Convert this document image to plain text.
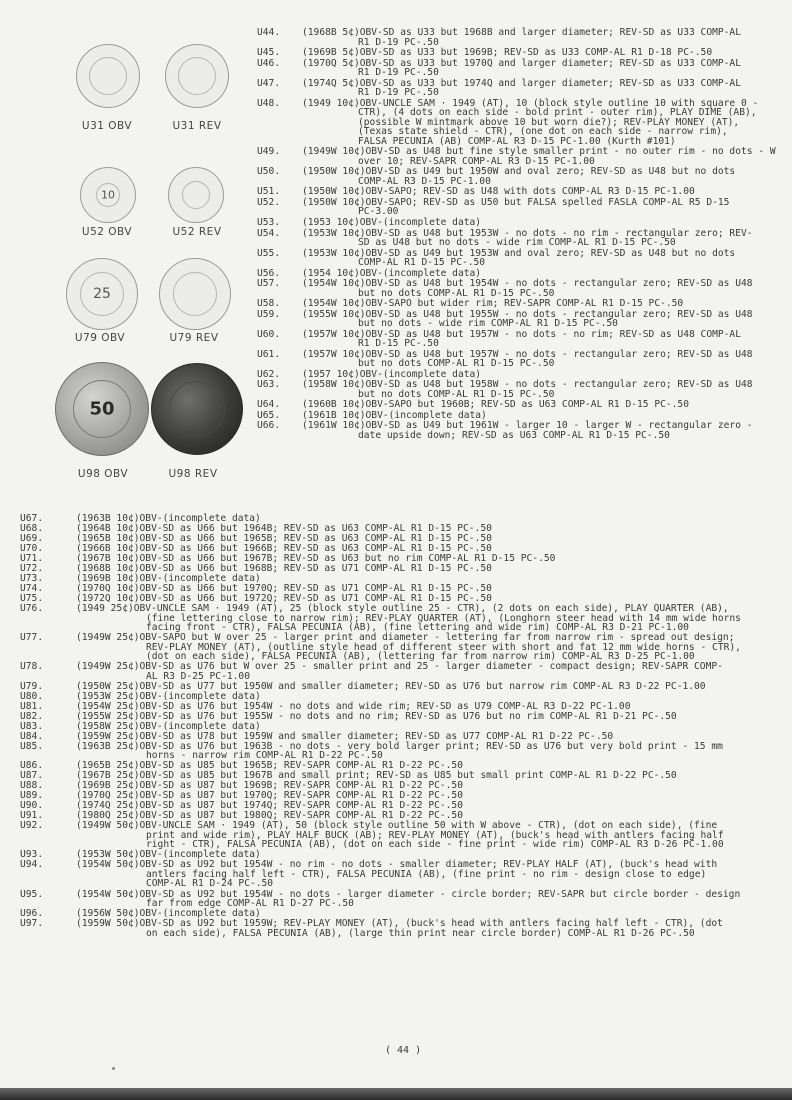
U31 OBV	U31 REV
10
U52 OBV	U52 REV
25
U79 OBV	U79 REV
50
U98 OBV	U98 REV
U44. (1968B 5¢)OBV-SD as U33 but 1968B and larger diameter; REV-SD as U33 COMP-AL
R1 D-19 PC-.50
U45. (1969B 5¢)OBV-SD as U33 but 1969B; REV-SD as U33 COMP-AL R1 D-18 PC-.50
U46. (1970Q 5¢)OBV-SD as U33 but 1970Q and larger diameter; REV-SD as U33 COMP-AL
R1 D-19 PC-.50
U47. (1974Q 5¢)OBV-SD as U33 but 1974Q and larger diameter; REV-SD as U33 COMP-AL
R1 D-19 PC-.50
U48. (1949 10¢)OBV-UNCLE SAM · 1949 (AT), 10 (block style outline 10 with square 0 -
CTR), (4 dots on each side - bold print - outer rim), PLAY DIME (AB),
(possible W mintmark above 10 but worn die?); REV-PLAY MONEY (AT),
(Texas state shield - CTR), (one dot on each side - narrow rim),
FALSA PECUNIA (AB) COMP-AL R3 D-15 PC-1.00 (Kurth #101)
U49. (1949W 10¢)OBV-SD as U48 but fine style smaller print - no outer rim - no dots - W
over 10; REV-SAPR COMP-AL R3 D-15 PC-1.00
U50. (1950W 10¢)OBV-SD as U49 but 1950W and oval zero; REV-SD as U48 but no dots
COMP-AL R3 D-15 PC-1.00
U51. (1950W 10¢)OBV-SAPO; REV-SD as U48 with dots COMP-AL R3 D-15 PC-1.00
U52. (1950W 10¢)OBV-SAPO; REV-SD as U50 but FALSA spelled FASLA COMP-AL R5 D-15
PC-3.00
U53. (1953 10¢)OBV-(incomplete data)
U54. (1953W 10¢)OBV-SD as U48 but 1953W - no dots - no rim - rectangular zero; REV-
SD as U48 but no dots - wide rim COMP-AL R1 D-15 PC-.50
U55. (1953W 10¢)OBV-SD as U49 but 1953W and oval zero; REV-SD as U48 but no dots
COMP-AL R1 D-15 PC-.50
U56. (1954 10¢)OBV-(incomplete data)
U57. (1954W 10¢)OBV-SD as U48 but 1954W - no dots - rectangular zero; REV-SD as U48
but no dots COMP-AL R1 D-15 PC-.50
U58. (1954W 10¢)OBV-SAPO but wider rim; REV-SAPR COMP-AL R1 D-15 PC-.50
U59. (1955W 10¢)OBV-SD as U48 but 1955W - no dots - rectangular zero; REV-SD as U48
but no dots - wide rim COMP-AL R1 D-15 PC-.50
U60. (1957W 10¢)OBV-SD as U48 but 1957W - no dots - no rim; REV-SD as U48 COMP-AL
R1 D-15 PC-.50
U61. (1957W 10¢)OBV-SD as U48 but 1957W - no dots - rectangular zero; REV-SD as U48
but no dots COMP-AL R1 D-15 PC-.50
U62. (1957 10¢)OBV-(incomplete data)
U63. (1958W 10¢)OBV-SD as U48 but 1958W - no dots - rectangular zero; REV-SD as U48
but no dots COMP-AL R1 D-15 PC-.50
U64. (1960B 10¢)OBV-SAPO but 1960B; REV-SD as U63 COMP-AL R1 D-15 PC-.50
U65. (1961B 10¢)OBV-(incomplete data)
U66. (1961W 10¢)OBV-SD as U49 but 1961W - larger 10 - larger W - rectangular zero -
date upside down; REV-SD as U63 COMP-AL R1 D-15 PC-.50
U67.	(1963B 10¢)OBV-(incomplete data)
U68.	(1964B 10¢)OBV-SD as U66 but 1964B; REV-SD as U63 COMP-AL R1 D-15 PC-.50
U69.	(1965B 10¢)OBV-SD as U66 but 1965B; REV-SD as U63 COMP-AL R1 D-15 PC-.50
U70.	(1966B 10¢)OBV-SD as U66 but 1966B; REV-SD as U63 COMP-AL R1 D-15 PC-.50
U71.	(1967B 10¢)OBV-SD as U66 but 1967B; REV-SD as U63 but no rim COMP-AL R1 D-15 PC-.50
U72.	(1968B 10¢)OBV-SD as U66 but 1968B; REV-SD as U71 COMP-AL R1 D-15 PC-.50
U73.	(1969B 10¢)OBV-(incomplete data)
U74.	(1970Q 10¢)OBV-SD as U66 but 1970Q; REV-SD as U71 COMP-AL R1 D-15 PC-.50
U75.	(1972Q 10¢)OBV-SD as U66 but 1972Q; REV-SD as U71 COMP-AL R1 D-15 PC-.50
U76.	(1949 25¢)OBV-UNCLE SAM · 1949 (AT), 25 (block style outline 25 - CTR), (2 dots on each side), PLAY QUARTER (AB),
(fine lettering close to narrow rim); REV-PLAY QUARTER (AT), (Longhorn steer head with 14 mm wide horns
facing front - CTR), FALSA PECUNIA (AB), (fine lettering and wide rim) COMP-AL R3 D-21 PC-1.00
U77.	(1949W 25¢)OBV-SAPO but W over 25 - larger print and diameter - lettering far from narrow rim - spread out design;
REV-PLAY MONEY (AT), (outline style head of different steer with short and fat 12 mm wide horns - CTR),
(dot on each side), FALSA PECUNIA (AB), (lettering far from narrow rim) COMP-AL R3 D-25 PC-1.00
U78.	(1949W 25¢)OBV-SD as U76 but W over 25 - smaller print and 25 - larger diameter - compact design; REV-SAPR COMP-
AL R3 D-25 PC-1.00
U79.	(1950W 25¢)OBV-SD as U77 but 1950W and smaller diameter; REV-SD as U76 but narrow rim COMP-AL R3 D-22 PC-1.00
U80.	(1953W 25¢)OBV-(incomplete data)
U81.	(1954W 25¢)OBV-SD as U76 but 1954W - no dots and wide rim; REV-SD as U79 COMP-AL R3 D-22 PC-1.00
U82.	(1955W 25¢)OBV-SD as U76 but 1955W - no dots and no rim; REV-SD as U76 but no rim COMP-AL R1 D-21 PC-.50
U83.	(1958W 25¢)OBV-(incomplete data)
U84.	(1959W 25¢)OBV-SD as U78 but 1959W and smaller diameter; REV-SD as U77 COMP-AL R1 D-22 PC-.50
U85.	(1963B 25¢)OBV-SD as U76 but 1963B - no dots - very bold larger print; REV-SD as U76 but very bold print - 15 mm
horns - narrow rim COMP-AL R1 D-22 PC-.50
U86.	(1965B 25¢)OBV-SD as U85 but 1965B; REV-SAPR COMP-AL R1 D-22 PC-.50
U87.	(1967B 25¢)OBV-SD as U85 but 1967B and small print; REV-SD as U85 but small print COMP-AL R1 D-22 PC-.50
U88.	(1969B 25¢)OBV-SD as U87 but 1969B; REV-SAPR COMP-AL R1 D-22 PC-.50
U89.	(1970Q 25¢)OBV-SD as U87 but 1970Q; REV-SAPR COMP-AL R1 D-22 PC-.50
U90.	(1974Q 25¢)OBV-SD as U87 but 1974Q; REV-SAPR COMP-AL R1 D-22 PC-.50
U91.	(1980Q 25¢)OBV-SD as U87 but 1980Q; REV-SAPR COMP-AL R1 D-22 PC-.50
U92.	(1949W 50¢)OBV-UNCLE SAM · 1949 (AT), 50 (block style outline 50 with W above - CTR), (dot on each side), (fine
print and wide rim), PLAY HALF BUCK (AB); REV-PLAY MONEY (AT), (buck's head with antlers facing half
right - CTR), FALSA PECUNIA (AB), (dot on each side - fine print - wide rim) COMP-AL R3 D-26 PC-1.00
U93.	(1953W 50¢)OBV-(incomplete data)
U94.	(1954W 50¢)OBV-SD as U92 but 1954W - no rim - no dots - smaller diameter; REV-PLAY HALF (AT), (buck's head with
antlers facing half left - CTR), FALSA PECUNIA (AB), (fine print - no rim - design close to edge)
COMP-AL R1 D-24 PC-.50
U95.	(1954W 50¢)OBV-SD as U92 but 1954W - no dots - larger diameter - circle border; REV-SAPR but circle border - design
far from edge COMP-AL R1 D-27 PC-.50
U96.	(1956W 50¢)OBV-(incomplete data)
U97.	(1959W 50¢)OBV-SD as U92 but 1959W; REV-PLAY MONEY (AT), (buck's head with antlers facing half left - CTR), (dot
on each side), FALSA PECUNIA (AB), (large thin print near circle border) COMP-AL R1 D-26 PC-.50
( 44 )
